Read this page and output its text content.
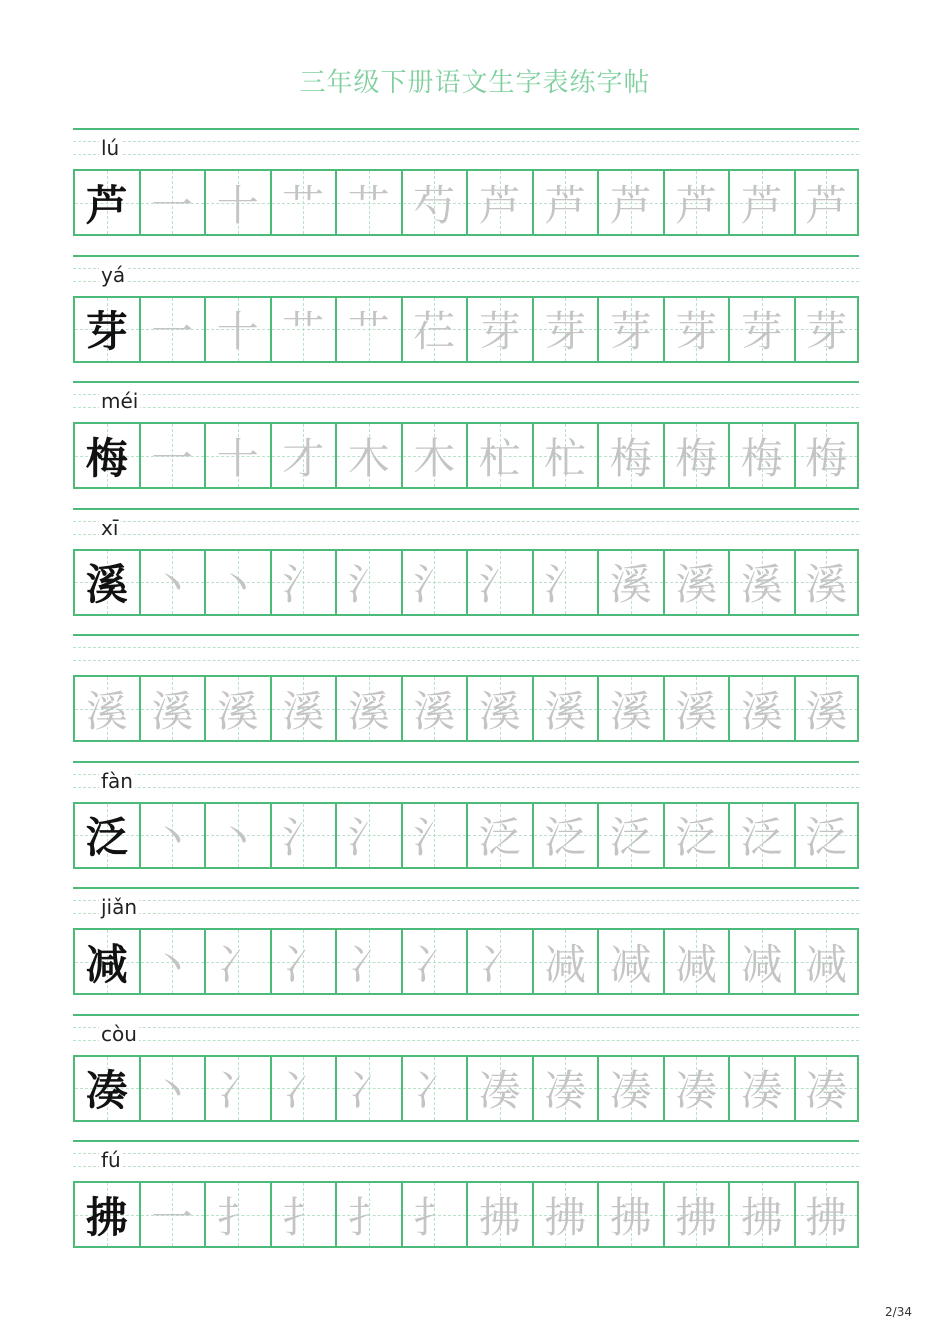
三年级下册语文生字表练字帖
lú
芦 一 十 艹 艹 芍 芦 芦 芦 芦 芦 芦
yá
芽 一 十 艹 艹 芢 芽 芽 芽 芽 芽 芽
méi
梅 一 十 才 木 木 杧 杧 梅 梅 梅 梅
xī
溪 丶 丶 氵 氵 氵 氵 氵 溪 溪 溪 溪
溪 溪 溪 溪 溪 溪 溪 溪 溪 溪 溪 溪
fàn
泛 丶 丶 氵 氵 氵 泛 泛 泛 泛 泛 泛
jiǎn
减 丶 冫 冫 冫 冫 冫 减 减 减 减 减
còu
凑 丶 冫 冫 冫 冫 凑 凑 凑 凑 凑 凑
fú
拂 一 扌 扌 扌 扌 拂 拂 拂 拂 拂 拂
2/34
